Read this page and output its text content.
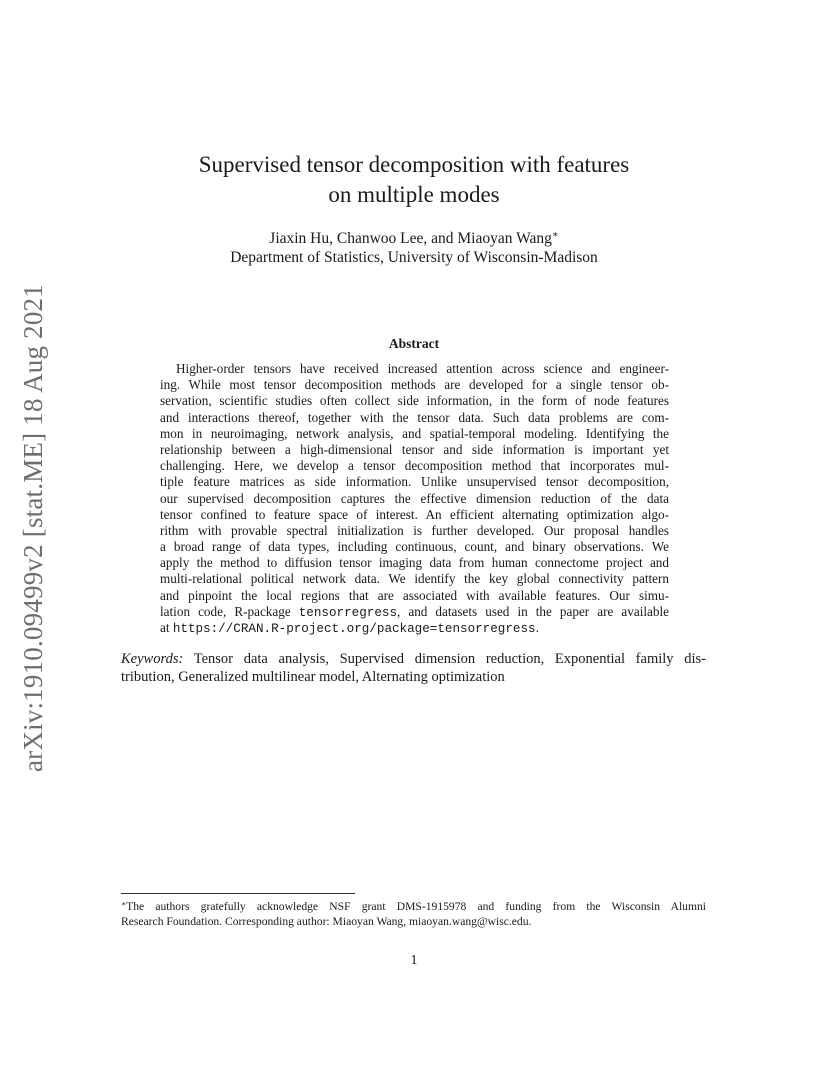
arXiv:1910.09499v2 [stat.ME] 18 Aug 2021
Supervised tensor decomposition with features
on multiple modes
Jiaxin Hu, Chanwoo Lee, and Miaoyan Wang∗
Department of Statistics, University of Wisconsin-Madison
Abstract
Higher-order tensors have received increased attention across science and engineer-
ing. While most tensor decomposition methods are developed for a single tensor ob-
servation, scientific studies often collect side information, in the form of node features
and interactions thereof, together with the tensor data. Such data problems are com-
mon in neuroimaging, network analysis, and spatial-temporal modeling. Identifying the
relationship between a high-dimensional tensor and side information is important yet
challenging. Here, we develop a tensor decomposition method that incorporates mul-
tiple feature matrices as side information. Unlike unsupervised tensor decomposition,
our supervised decomposition captures the effective dimension reduction of the data
tensor confined to feature space of interest. An efficient alternating optimization algo-
rithm with provable spectral initialization is further developed. Our proposal handles
a broad range of data types, including continuous, count, and binary observations. We
apply the method to diffusion tensor imaging data from human connectome project and
multi-relational political network data. We identify the key global connectivity pattern
and pinpoint the local regions that are associated with available features. Our simu-
lation code, R-package tensorregress, and datasets used in the paper are available
at https://CRAN.R-project.org/package=tensorregress.
Keywords: Tensor data analysis, Supervised dimension reduction, Exponential family dis-
tribution, Generalized multilinear model, Alternating optimization
∗The authors gratefully acknowledge NSF grant DMS-1915978 and funding from the Wisconsin Alumni
Research Foundation. Corresponding author: Miaoyan Wang, miaoyan.wang@wisc.edu.
1
